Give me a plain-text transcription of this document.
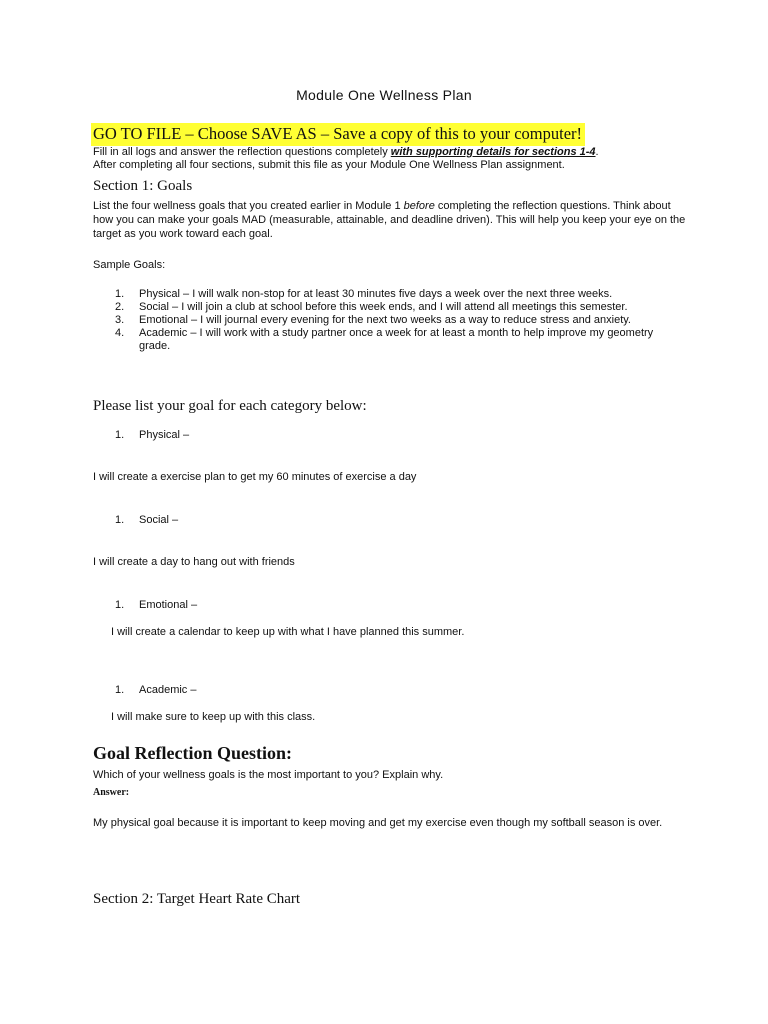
Module One Wellness Plan
GO TO FILE – Choose SAVE AS – Save a copy of this to your computer!
Fill in all logs and answer the reflection questions completely with supporting details for sections 1-4.
After completing all four sections, submit this file as your Module One Wellness Plan assignment.
Section 1: Goals
List the four wellness goals that you created earlier in Module 1 before completing the reflection questions. Think about how you can make your goals MAD (measurable, attainable, and deadline driven). This will help you keep your eye on the target as you work toward each goal.
Sample Goals:
1. Physical – I will walk non-stop for at least 30 minutes five days a week over the next three weeks.
2. Social – I will join a club at school before this week ends, and I will attend all meetings this semester.
3. Emotional – I will journal every evening for the next two weeks as a way to reduce stress and anxiety.
4. Academic – I will work with a study partner once a week for at least a month to help improve my geometry grade.
Please list your goal for each category below:
1. Physical –
I will create a exercise plan to get my 60 minutes of exercise a day
1. Social –
I will create a day to hang out with friends
1. Emotional –
I will create a calendar to keep up with what I have planned this summer.
1. Academic –
I will make sure to keep up with this class.
Goal Reflection Question:
Which of your wellness goals is the most important to you? Explain why.
Answer:
My physical goal because it is important to keep moving and get my exercise even though my softball season is over.
Section 2: Target Heart Rate Chart
